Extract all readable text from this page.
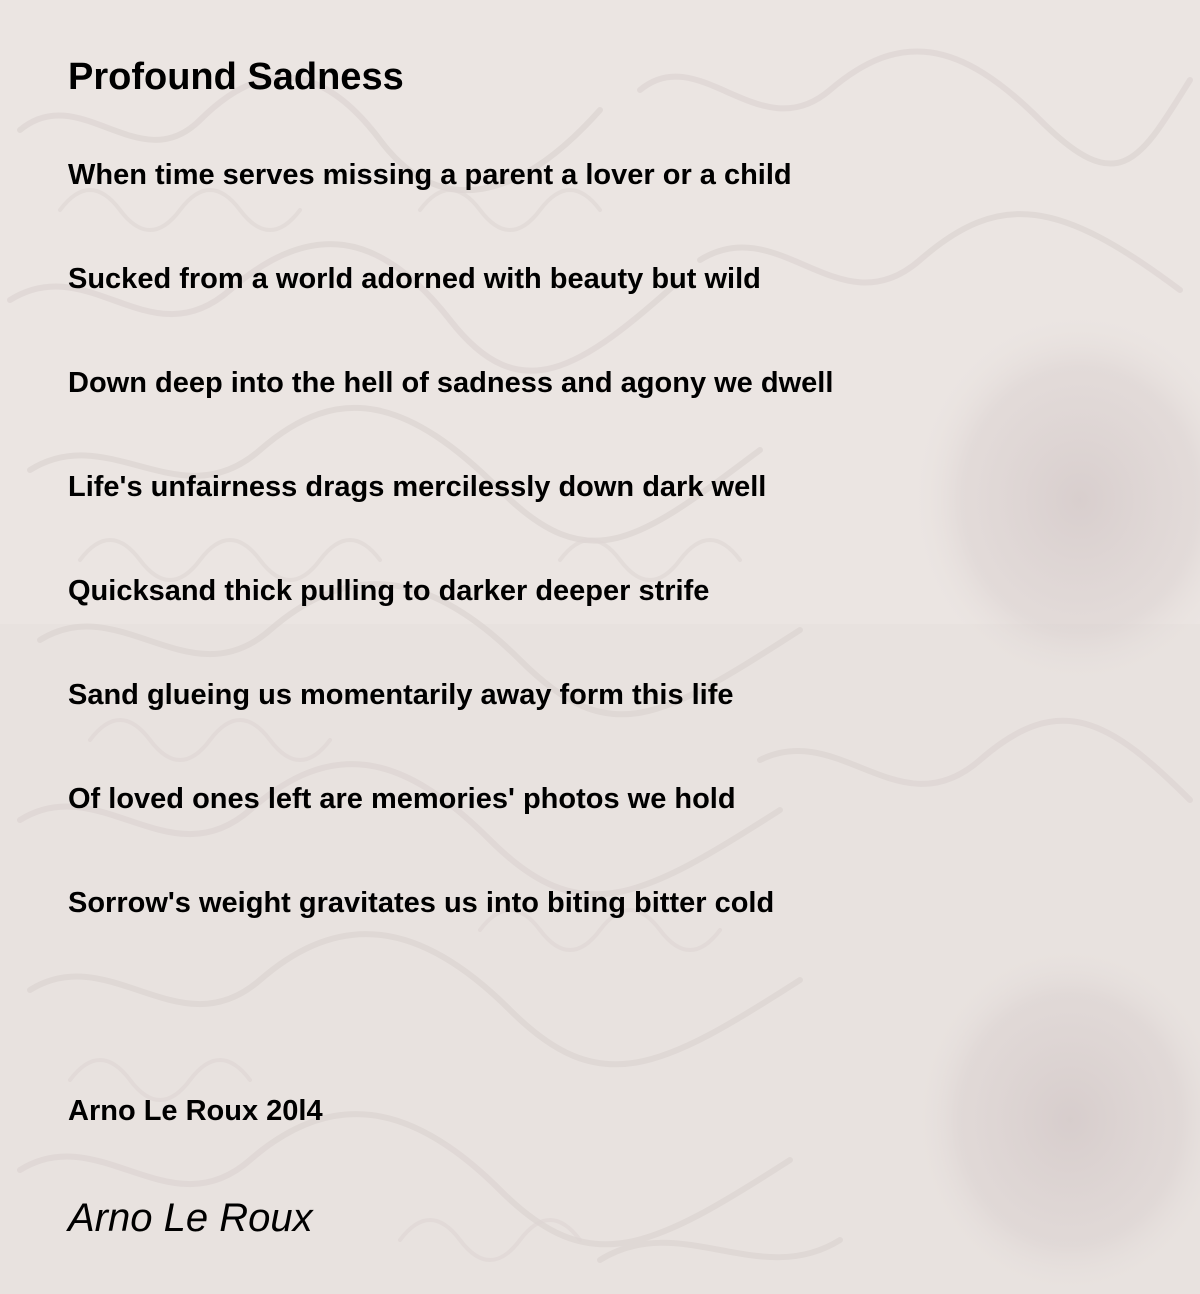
Profound Sadness

When time serves missing a parent a lover or a child

Sucked from a world adorned with beauty but wild

Down deep into the hell of sadness and agony we dwell

Life's unfairness drags mercilessly down dark well

Quicksand thick pulling to darker deeper strife

Sand glueing us momentarily away form this life

Of loved ones left are memories' photos we hold

Sorrow's weight gravitates us into biting bitter cold

Arno Le Roux 20l4

Arno Le Roux
